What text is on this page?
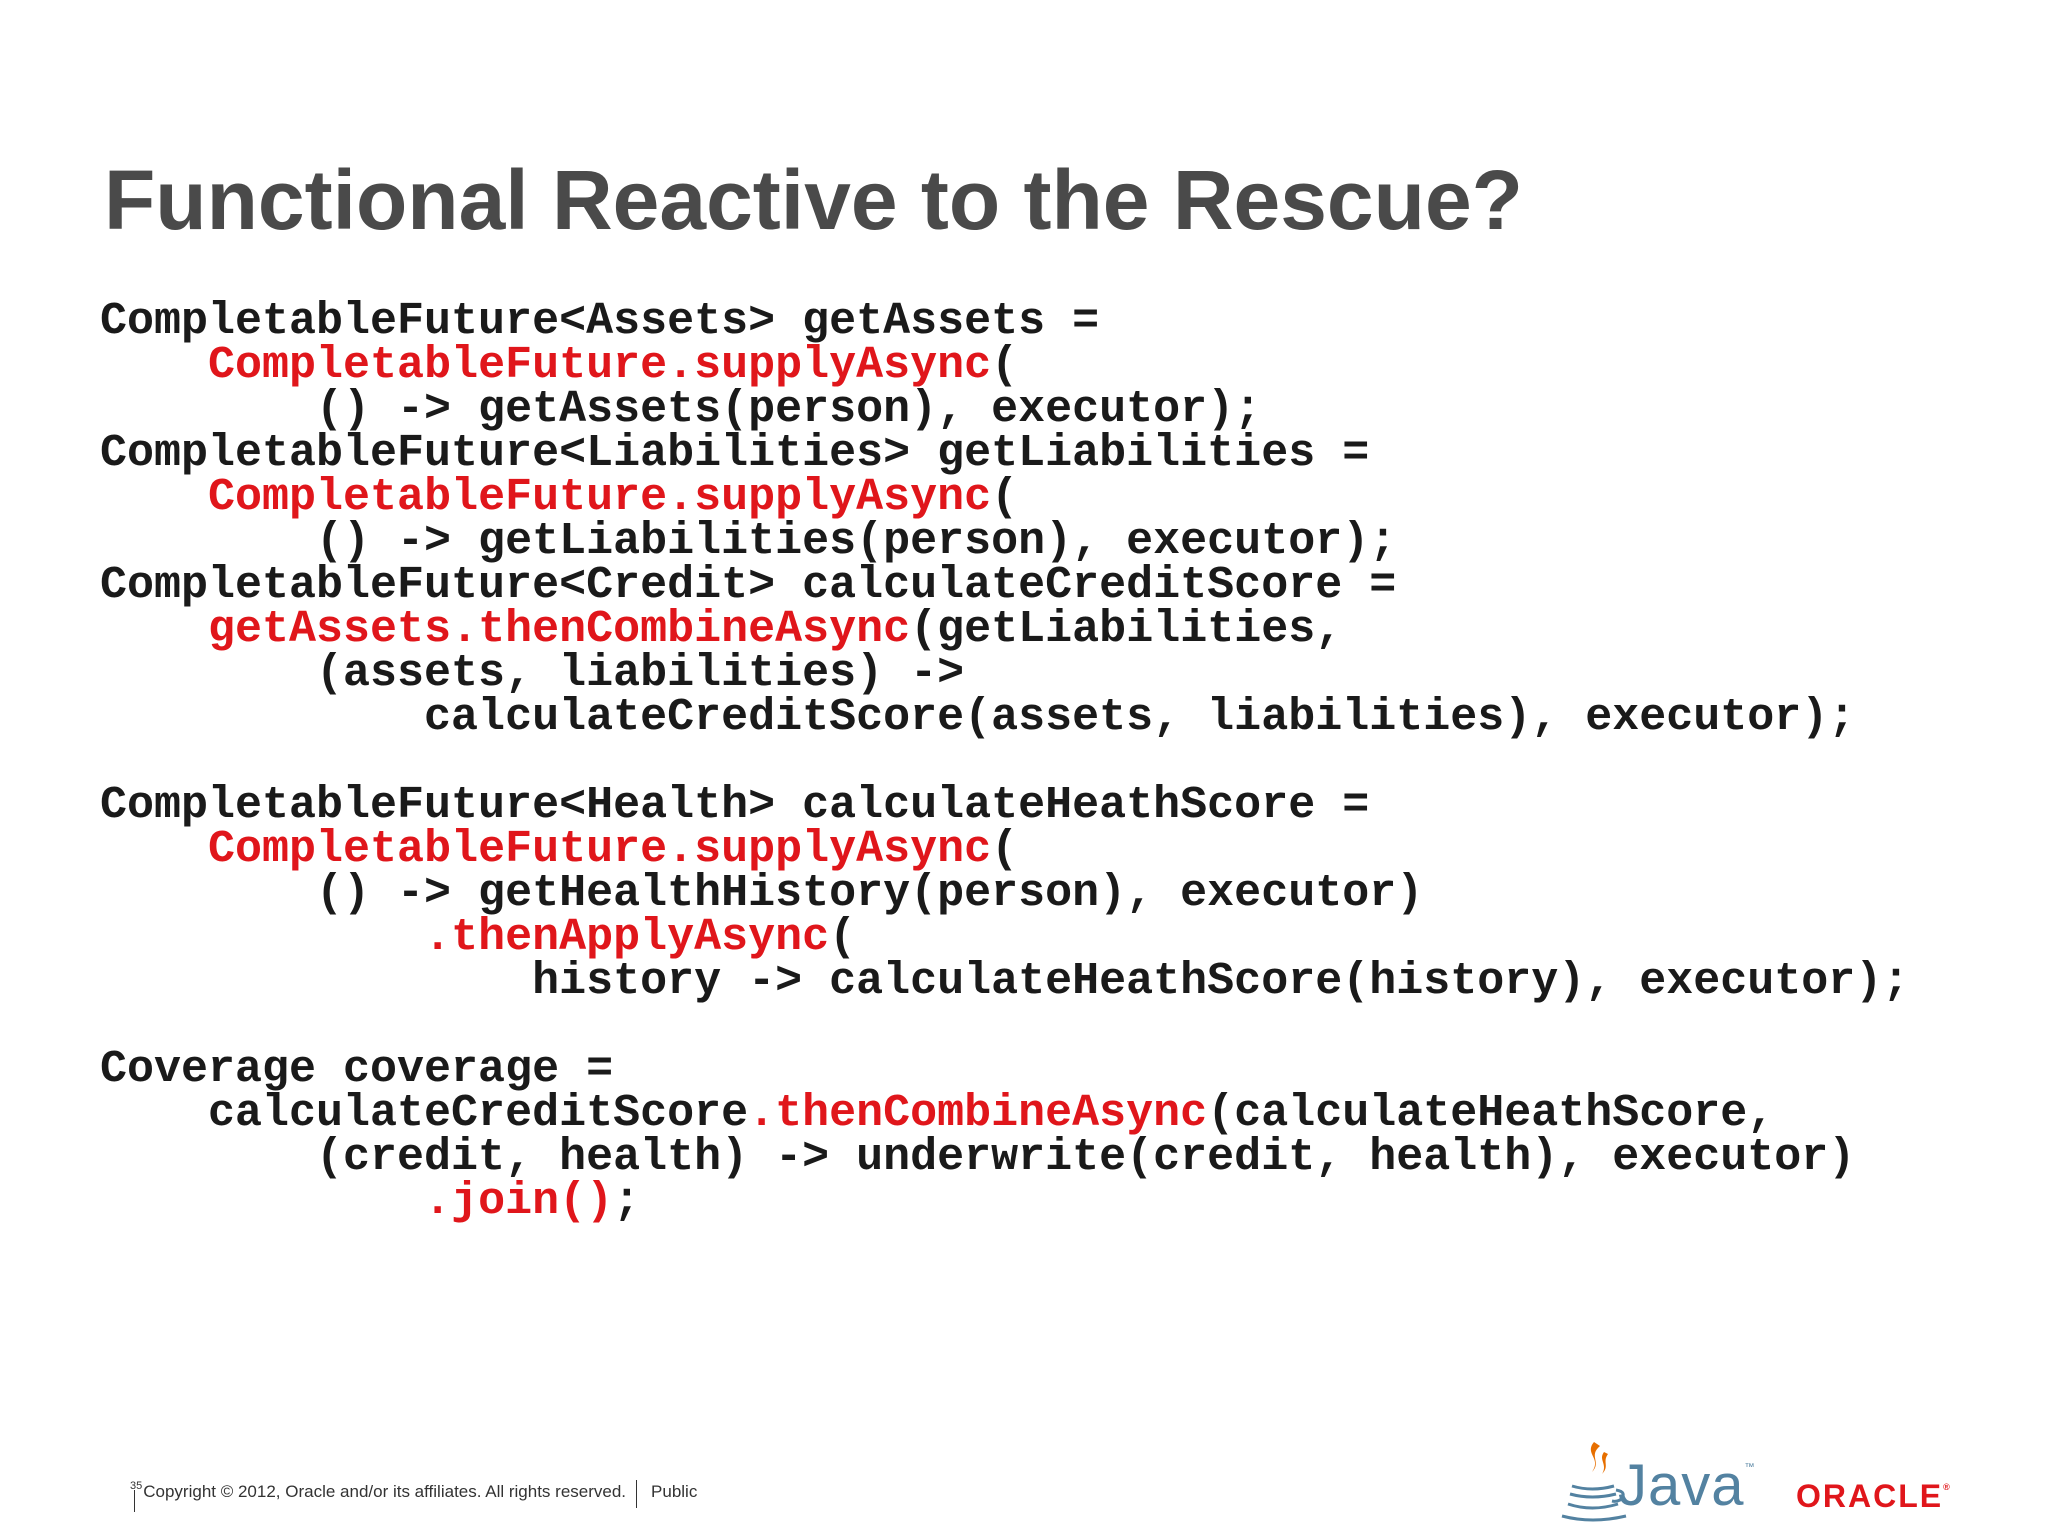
Functional Reactive to the Rescue?
CompletableFuture<Assets> getAssets =
CompletableFuture.supplyAsync(
() -> getAssets(person), executor);
CompletableFuture<Liabilities> getLiabilities =
CompletableFuture.supplyAsync(
() -> getLiabilities(person), executor);
CompletableFuture<Credit> calculateCreditScore =
getAssets.thenCombineAsync(getLiabilities,
(assets, liabilities) ->
calculateCreditScore(assets, liabilities), executor);
CompletableFuture<Health> calculateHeathScore =
CompletableFuture.supplyAsync(
() -> getHealthHistory(person), executor)
.thenApplyAsync(
history -> calculateHeathScore(history), executor);
Coverage coverage =
calculateCreditScore.thenCombineAsync(calculateHeathScore,
(credit, health) -> underwrite(credit, health), executor)
.join();
35 Copyright © 2012, Oracle and/or its affiliates. All rights reserved. Public	Java™
ORACLE®
